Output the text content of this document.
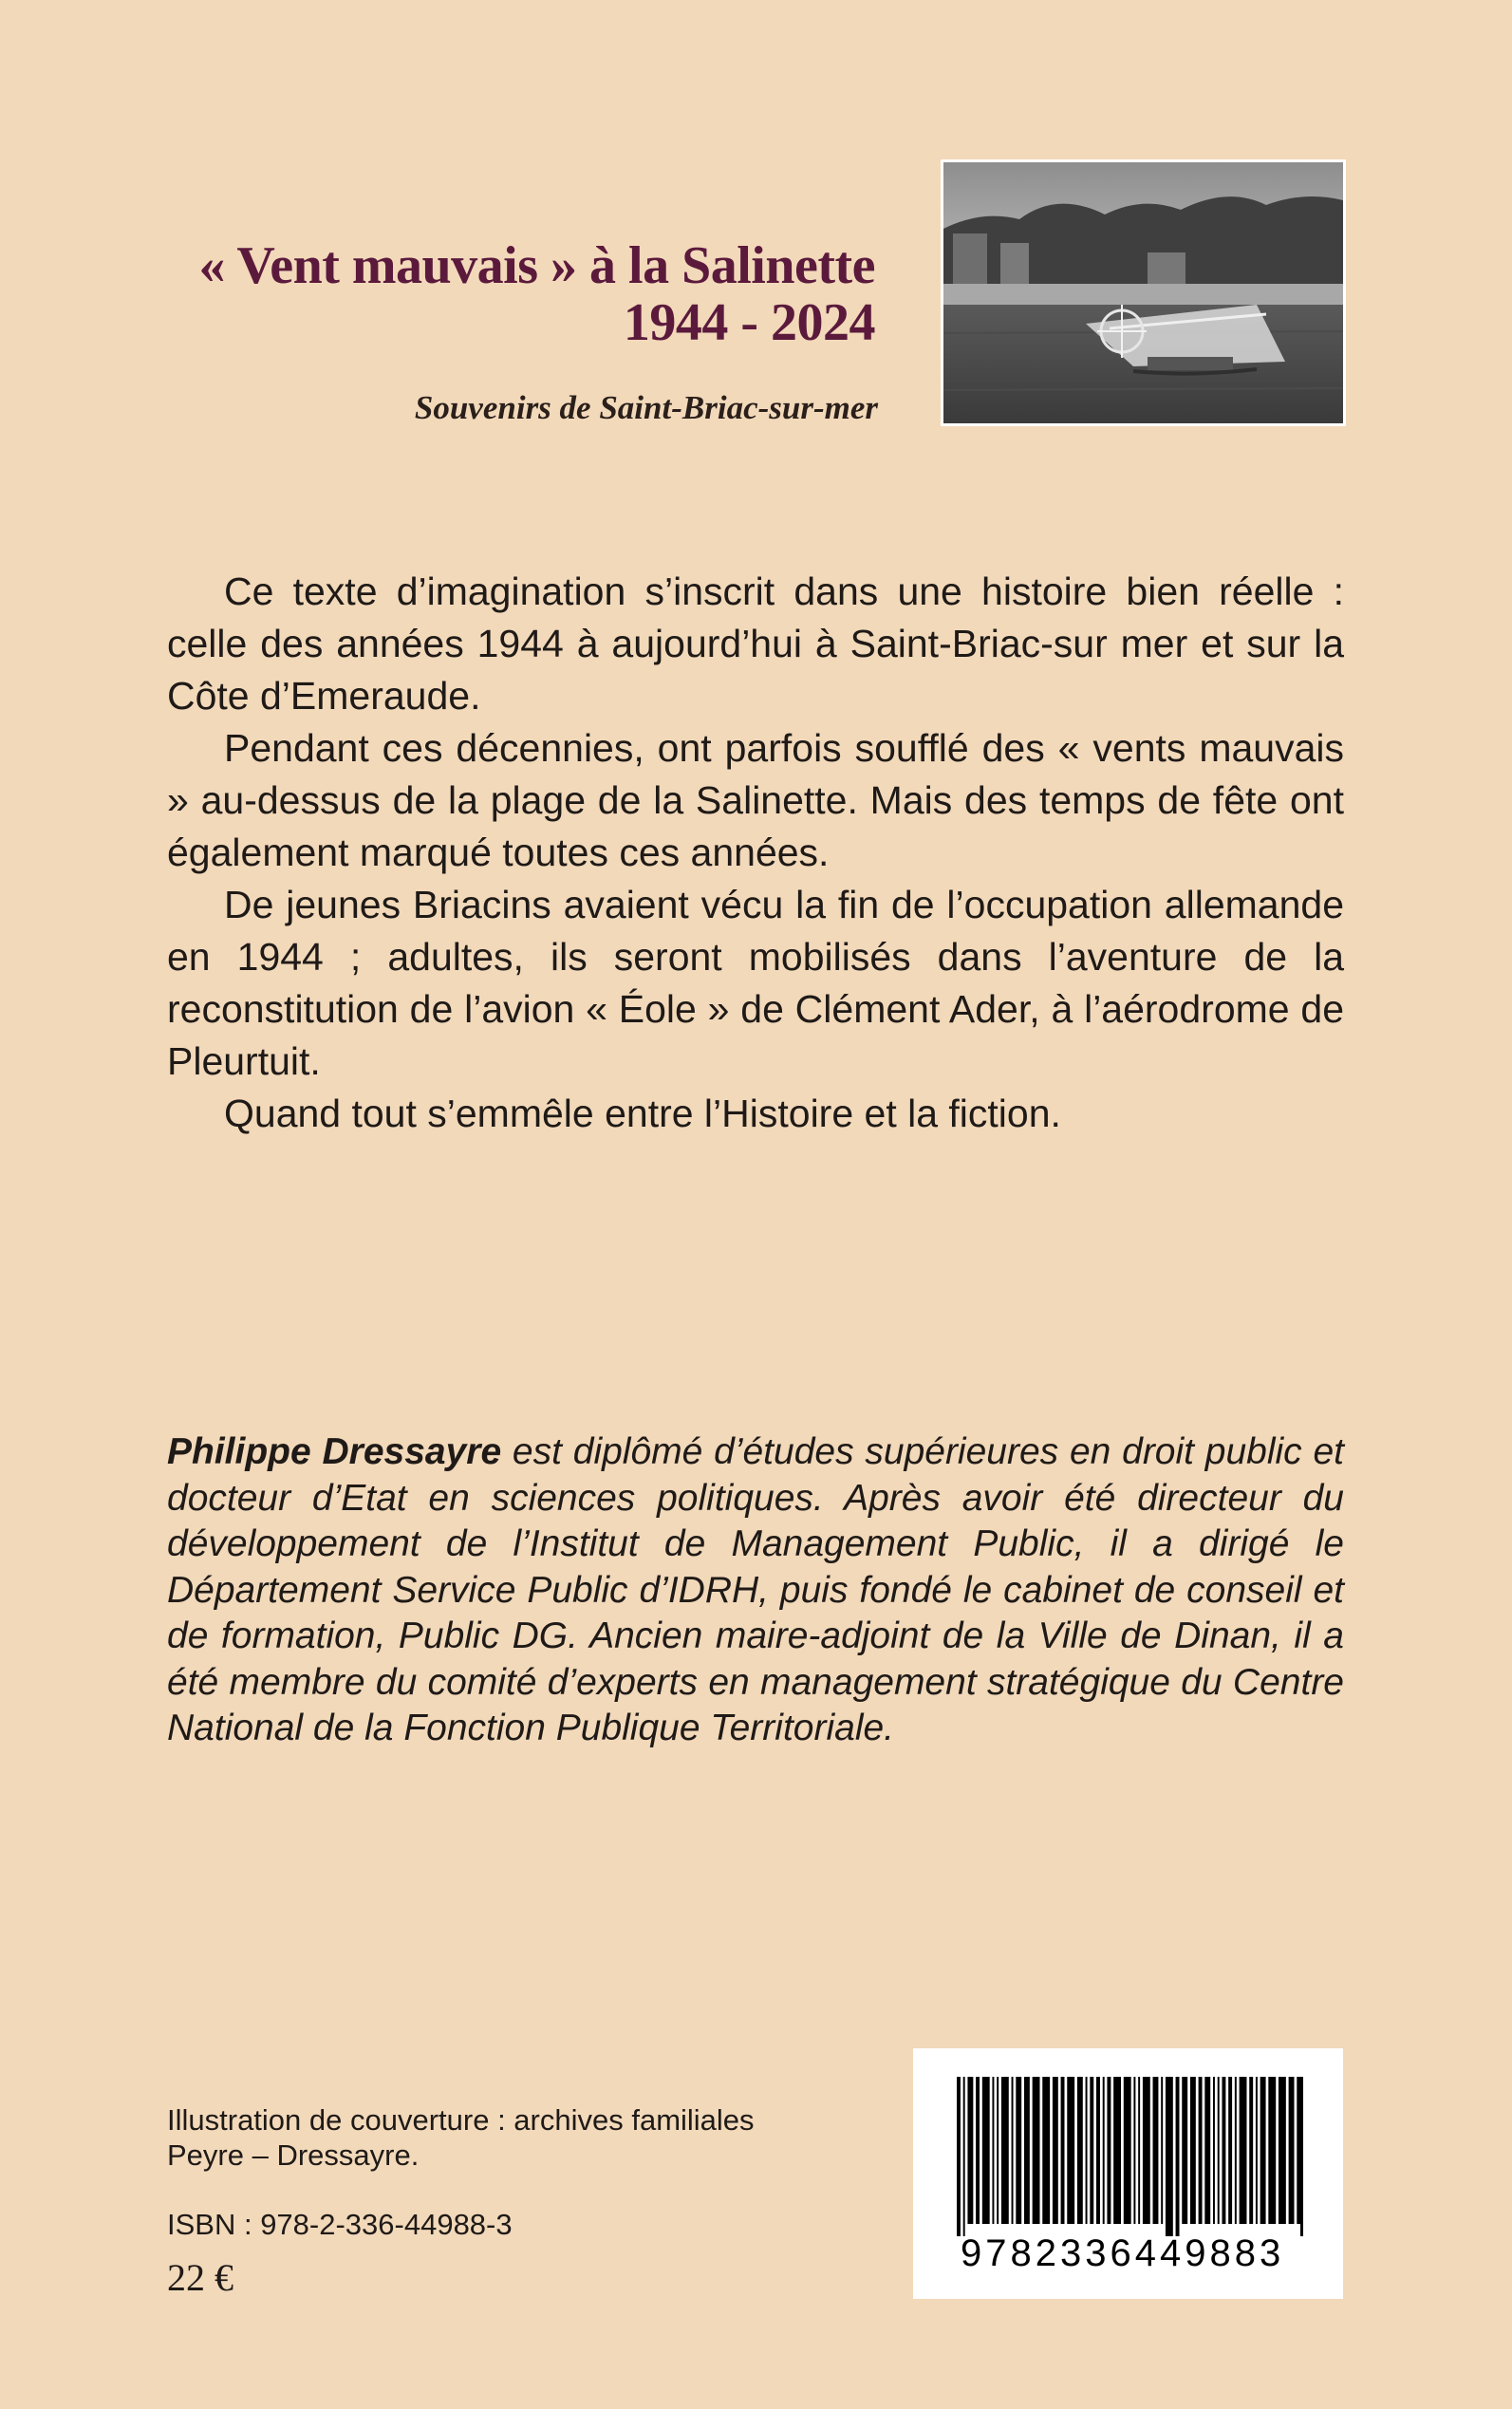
« Vent mauvais » à la Salinette
1944 - 2024
Souvenirs de Saint-Briac-sur-mer

Ce texte d’imagination s’inscrit dans une histoire bien réelle : celle des années 1944 à aujourd’hui à Saint-Briac-sur mer et sur la Côte d’Emeraude.

Pendant ces décennies, ont parfois soufflé des « vents mauvais » au-dessus de la plage de la Salinette. Mais des temps de fête ont également marqué toutes ces années.

De jeunes Briacins avaient vécu la fin de l’occupation allemande en 1944 ; adultes, ils seront mobilisés dans l’aventure de la reconstitution de l’avion « Éole » de Clément Ader, à l’aérodrome de Pleurtuit.

Quand tout s’emmêle entre l’Histoire et la fiction.

Philippe Dressayre est diplômé d’études supérieures en droit public et docteur d’Etat en sciences politiques. Après avoir été directeur du développement de l’Institut de Management Public, il a dirigé le Département Service Public d’IDRH, puis fondé le cabinet de conseil et de formation, Public DG. Ancien maire-adjoint de la Ville de Dinan, il a été membre du comité d’experts en management stratégique du Centre National de la Fonction Publique Territoriale.

Illustration de couverture : archives familiales
Peyre – Dressayre.
ISBN : 978-2-336-44988-3
22 €
9782336449883
